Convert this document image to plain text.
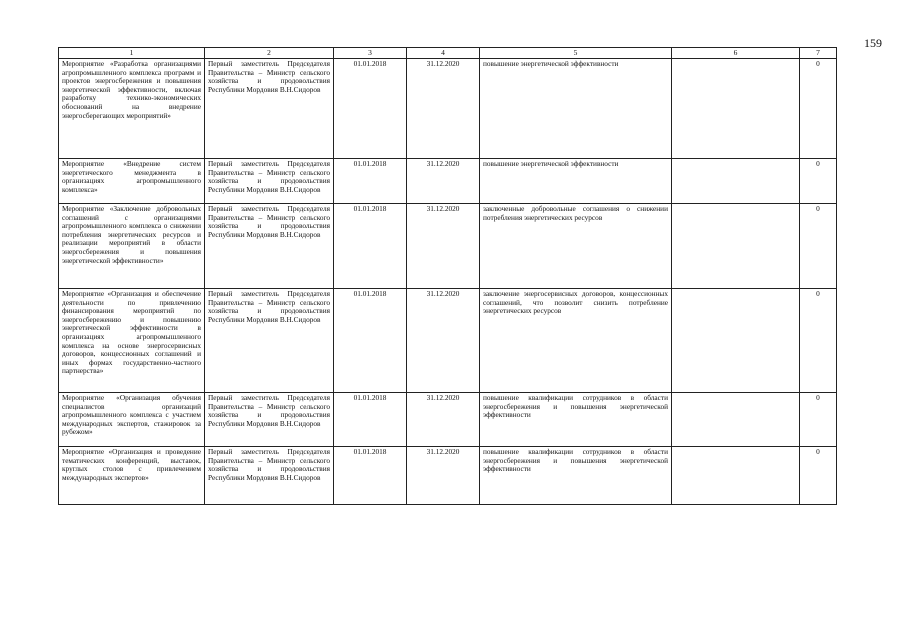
159
1	2	3	4	5	6	7
Мероприятие «Разработка организациями агропромышленного комплекса программ и проектов энергосбережения и повышения энергетической эффективности, включая разработку технико-экономических обоснований на внедрение энергосберегающих мероприятий»	Первый заместитель Председателя Правительства – Министр сельского хозяйства и продовольствия Республики Мордовия В.Н.Сидоров	01.01.2018	31.12.2020	повышение энергетической эффективности		0
Мероприятие «Внедрение систем энергетического менеджмента в организациях агропромышленного комплекса»	Первый заместитель Председателя Правительства – Министр сельского хозяйства и продовольствия Республики Мордовия В.Н.Сидоров	01.01.2018	31.12.2020	повышение энергетической эффективности		0
Мероприятие «Заключение добровольных соглашений с организациями агропромышленного комплекса о снижении потребления энергетических ресурсов и реализации мероприятий в области энергосбережения и повышения энергетической эффективности»	Первый заместитель Председателя Правительства – Министр сельского хозяйства и продовольствия Республики Мордовия В.Н.Сидоров	01.01.2018	31.12.2020	заключенные добровольные соглашения о снижении потребления энергетических ресурсов		0
Мероприятие «Организация и обеспечение деятельности по привлечению финансирования мероприятий по энергосбережению и повышению энергетической эффективности в организациях агропромышленного комплекса на основе энергосервисных договоров, концессионных соглашений и иных формах государственно-частного партнерства»	Первый заместитель Председателя Правительства – Министр сельского хозяйства и продовольствия Республики Мордовия В.Н.Сидоров	01.01.2018	31.12.2020	заключение энергосервисных договоров, концессионных соглашений, что позволит снизить потребление энергетических ресурсов		0
Мероприятие «Организация обучения специалистов организаций агропромышленного комплекса с участием международных экспертов, стажировок за рубежом»	Первый заместитель Председателя Правительства – Министр сельского хозяйства и продовольствия Республики Мордовия В.Н.Сидоров	01.01.2018	31.12.2020	повышение квалификации сотрудников в области энергосбережения и повышения энергетической эффективности		0
Мероприятие «Организация и проведение тематических конференций, выставок, круглых столов с привлечением международных экспертов»	Первый заместитель Председателя Правительства – Министр сельского хозяйства и продовольствия Республики Мордовия В.Н.Сидоров	01.01.2018	31.12.2020	повышение квалификации сотрудников в области энергосбережения и повышения энергетической эффективности		0
